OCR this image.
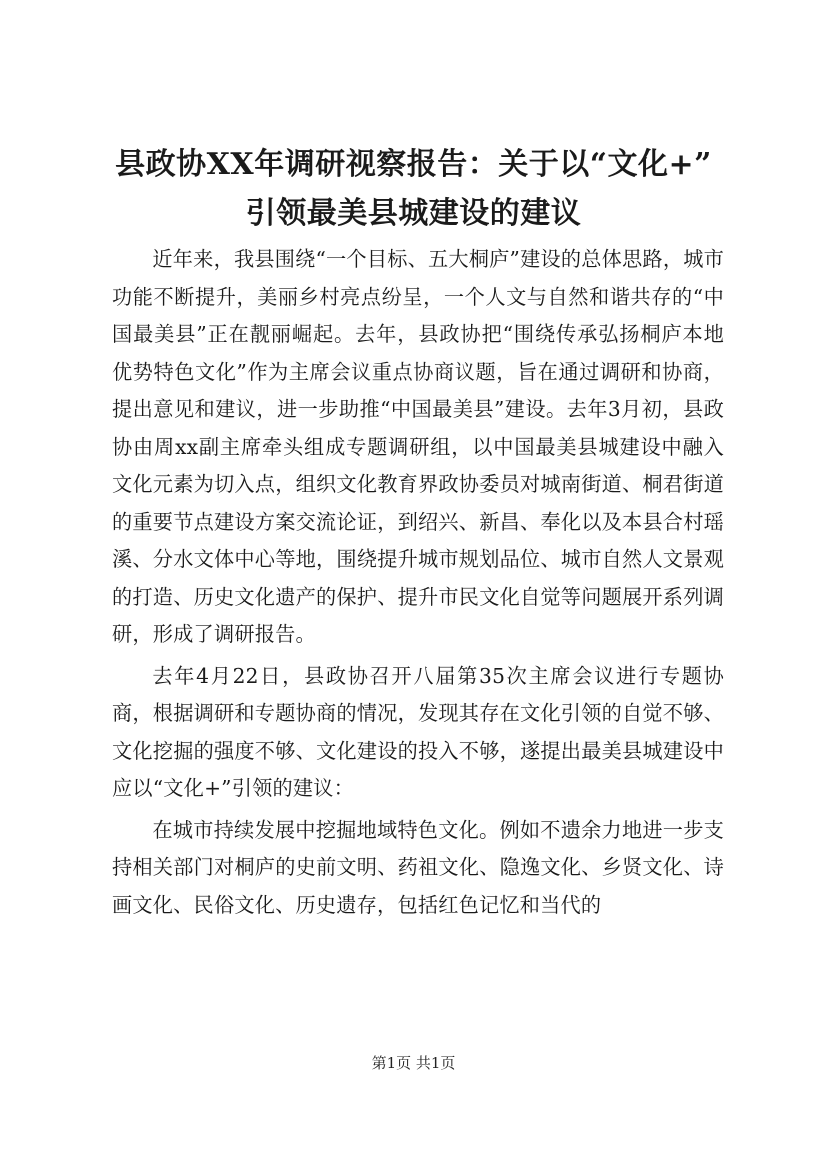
县政协XX年调研视察报告：关于以“文化+”
引领最美县城建设的建议

近年来，我县围绕“一个目标、五大桐庐”建设的总体思路，城市功能不断提升，美丽乡村亮点纷呈，一个人文与自然和谐共存的“中国最美县”正在靓丽崛起。去年，县政协把“围绕传承弘扬桐庐本地优势特色文化”作为主席会议重点协商议题，旨在通过调研和协商，提出意见和建议，进一步助推“中国最美县”建设。去年3月初，县政协由周xx副主席牵头组成专题调研组，以中国最美县城建设中融入文化元素为切入点，组织文化教育界政协委员对城南街道、桐君街道的重要节点建设方案交流论证，到绍兴、新昌、奉化以及本县合村瑶溪、分水文体中心等地，围绕提升城市规划品位、城市自然人文景观的打造、历史文化遗产的保护、提升市民文化自觉等问题展开系列调研，形成了调研报告。

去年4月22日，县政协召开八届第35次主席会议进行专题协商，根据调研和专题协商的情况，发现其存在文化引领的自觉不够、文化挖掘的强度不够、文化建设的投入不够，遂提出最美县城建设中应以“文化+”引领的建议：

在城市持续发展中挖掘地域特色文化。例如不遗余力地进一步支持相关部门对桐庐的史前文明、药祖文化、隐逸文化、乡贤文化、诗画文化、民俗文化、历史遗存，包括红色记忆和当代的

第1页 共1页
